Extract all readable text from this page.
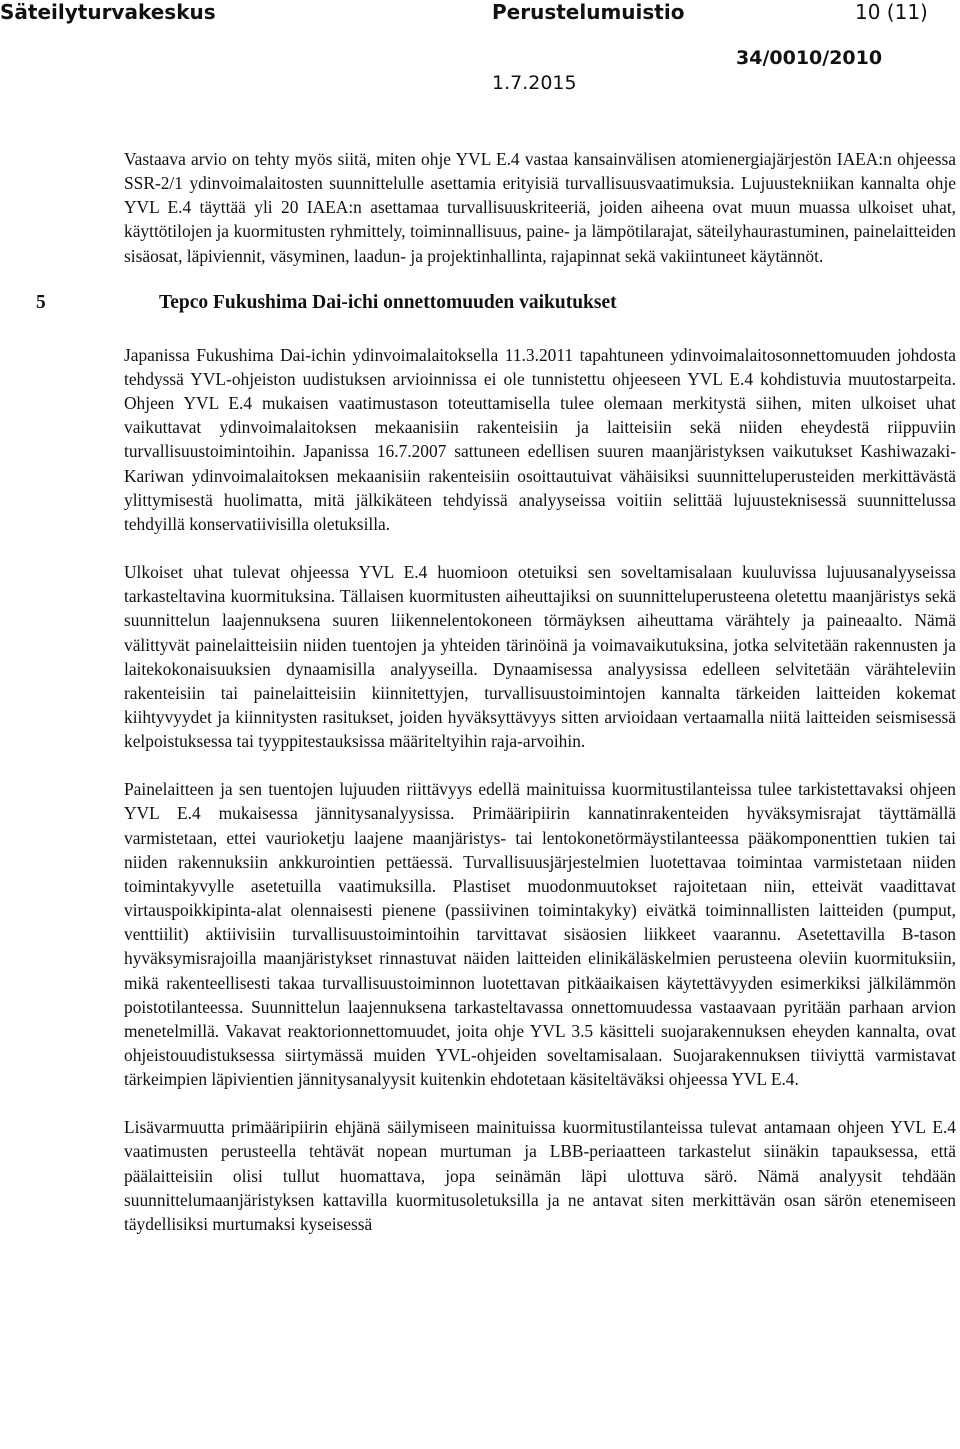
Säteilyturvakeskus	Perustelumuistio	10 (11)
34/0010/2010
1.7.2015

Vastaava arvio on tehty myös siitä, miten ohje YVL E.4 vastaa kansainvälisen atomienergiajärjestön IAEA:n ohjeessa SSR-2/1 ydinvoimalaitosten suunnittelulle asettamia erityisiä turvallisuusvaatimuksia. Lujuustekniikan kannalta ohje YVL E.4 täyttää yli 20 IAEA:n asettamaa turvallisuuskriteeriä, joiden aiheena ovat muun muassa ulkoiset uhat, käyttötilojen ja kuormitusten ryhmittely, toiminnallisuus, paine- ja lämpötilarajat, säteilyhaurastuminen, painelaitteiden sisäosat, läpiviennit, väsyminen, laadun- ja projektinhallinta, rajapinnat sekä vakiintuneet käytännöt.

5	Tepco Fukushima Dai-ichi onnettomuuden vaikutukset

Japanissa Fukushima Dai-ichin ydinvoimalaitoksella 11.3.2011 tapahtuneen ydinvoimalaitosonnettomuuden johdosta tehdyssä YVL-ohjeiston uudistuksen arvioinnissa ei ole tunnistettu ohjeeseen YVL E.4 kohdistuvia muutostarpeita. Ohjeen YVL E.4 mukaisen vaatimustason toteuttamisella tulee olemaan merkitystä siihen, miten ulkoiset uhat vaikuttavat ydinvoimalaitoksen mekaanisiin rakenteisiin ja laitteisiin sekä niiden eheydestä riippuviin turvallisuustoimintoihin. Japanissa 16.7.2007 sattuneen edellisen suuren maanjäristyksen vaikutukset Kashiwazaki-Kariwan ydinvoimalaitoksen mekaanisiin rakenteisiin osoittautuivat vähäisiksi suunnitteluperusteiden merkittävästä ylittymisestä huolimatta, mitä jälkikäteen tehdyissä analyyseissa voitiin selittää lujuusteknisessä suunnittelussa tehdyillä konservatiivisilla oletuksilla.

Ulkoiset uhat tulevat ohjeessa YVL E.4 huomioon otetuiksi sen soveltamisalaan kuuluvissa lujuusanalyyseissa tarkasteltavina kuormituksina. Tällaisen kuormitusten aiheuttajiksi on suunnitteluperusteena oletettu maanjäristys sekä suunnittelun laajennuksena suuren liikennelentokoneen törmäyksen aiheuttama värähtely ja paineaalto. Nämä välittyvät painelaitteisiin niiden tuentojen ja yhteiden tärinöinä ja voimavaikutuksina, jotka selvitetään rakennusten ja laitekokonaisuuksien dynaamisilla analyyseilla. Dynaamisessa analyysissa edelleen selvitetään värähteleviin rakenteisiin tai painelaitteisiin kiinnitettyjen, turvallisuustoimintojen kannalta tärkeiden laitteiden kokemat kiihtyvyydet ja kiinnitysten rasitukset, joiden hyväksyttävyys sitten arvioidaan vertaamalla niitä laitteiden seismisessä kelpoistuksessa tai tyyppitestauksissa määriteltyihin raja-arvoihin.

Painelaitteen ja sen tuentojen lujuuden riittävyys edellä mainituissa kuormitustilanteissa tulee tarkistettavaksi ohjeen YVL E.4 mukaisessa jännitysanalyysissa. Primääripiirin kannatinrakenteiden hyväksymisrajat täyttämällä varmistetaan, ettei vaurioketju laajene maanjäristys- tai lentokonetörmäystilanteessa pääkomponenttien tukien tai niiden rakennuksiin ankkurointien pettäessä. Turvallisuusjärjestelmien luotettavaa toimintaa varmistetaan niiden toimintakyvylle asetetuilla vaatimuksilla. Plastiset muodonmuutokset rajoitetaan niin, etteivät vaadittavat virtauspoikkipinta-alat olennaisesti pienene (passiivinen toimintakyky) eivätkä toiminnallisten laitteiden (pumput, venttiilit) aktiivisiin turvallisuustoimintoihin tarvittavat sisäosien liikkeet vaarannu. Asetettavilla B-tason hyväksymisrajoilla maanjäristykset rinnastuvat näiden laitteiden elinikäläskelmien perusteena oleviin kuormituksiin, mikä rakenteellisesti takaa turvallisuustoiminnon luotettavan pitkäaikaisen käytettävyyden esimerkiksi jälkilämmön poistotilanteessa. Suunnittelun laajennuksena tarkasteltavassa onnettomuudessa vastaavaan pyritään parhaan arvion menetelmillä. Vakavat reaktorionnettomuudet, joita ohje YVL 3.5 käsitteli suojarakennuksen eheyden kannalta, ovat ohjeistouudistuksessa siirtymässä muiden YVL-ohjeiden soveltamisalaan. Suojarakennuksen tiiviyttä varmistavat tärkeimpien läpivientien jännitysanalyysit kuitenkin ehdotetaan käsiteltäväksi ohjeessa YVL E.4.

Lisävarmuutta primääripiirin ehjänä säilymiseen mainituissa kuormitustilanteissa tulevat antamaan ohjeen YVL E.4 vaatimusten perusteella tehtävät nopean murtuman ja LBB-periaatteen tarkastelut siinäkin tapauksessa, että päälaitteisiin olisi tullut huomattava, jopa seinämän läpi ulottuva särö. Nämä analyysit tehdään suunnittelumaanjäristyksen kattavilla kuormitusoletuksilla ja ne antavat siten merkittävän osan särön etenemiseen täydellisiksi murtumaksi kyseisessä
